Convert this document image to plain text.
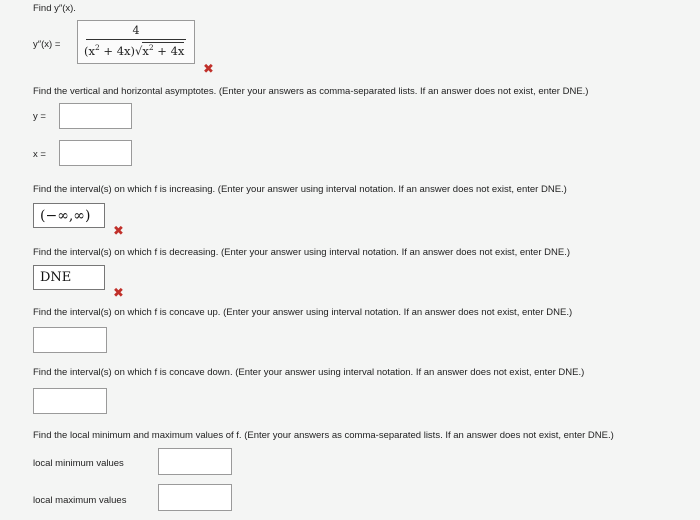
Find y″(x).
y″(x) =
4
$(x^2 + 4x)√x^2 + 4x$
✖
Find the vertical and horizontal asymptotes. (Enter your answers as comma-separated lists. If an answer does not exist, enter DNE.)
y =
x =
Find the interval(s) on which f is increasing. (Enter your answer using interval notation. If an answer does not exist, enter DNE.)
(−∞,∞)
✖
Find the interval(s) on which f is decreasing. (Enter your answer using interval notation. If an answer does not exist, enter DNE.)
DNE
✖
Find the interval(s) on which f is concave up. (Enter your answer using interval notation. If an answer does not exist, enter DNE.)
Find the interval(s) on which f is concave down. (Enter your answer using interval notation. If an answer does not exist, enter DNE.)
Find the local minimum and maximum values of f. (Enter your answers as comma-separated lists. If an answer does not exist, enter DNE.)
local minimum values
local maximum values
